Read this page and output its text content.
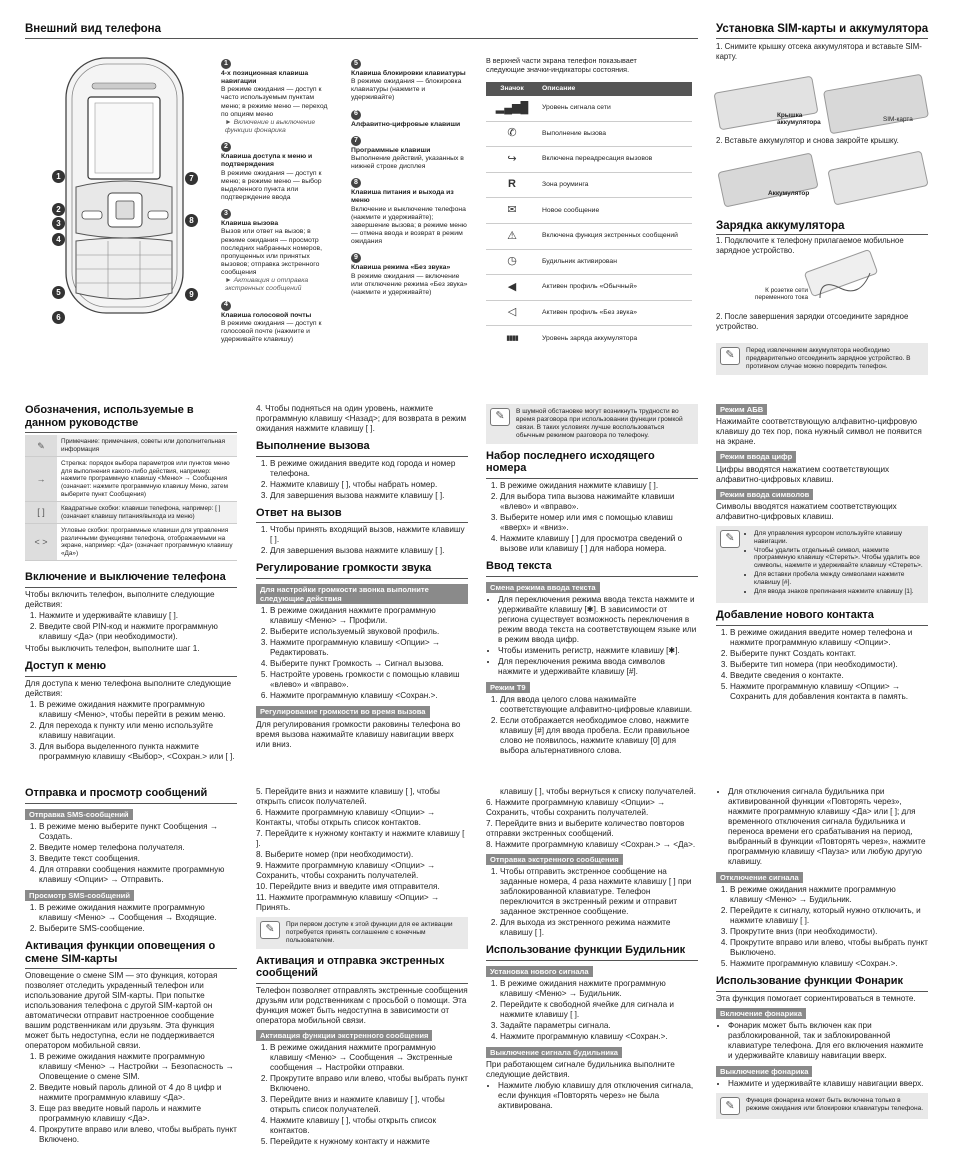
Внешний вид телефона
1
2
3
4
5
6
7
8
9
1
4-х позиционная клавиша навигации
В режиме ожидания — доступ к часто используемым пунктам меню; в режиме меню — переход по опциям меню
► Включение и выключение функции фонарика
2
Клавиша доступа к меню и подтверждения
В режиме ожидания — доступ к меню; в режиме меню — выбор выделенного пункта или подтверждение ввода
3
Клавиша вызова
Вызов или ответ на вызов; в режиме ожидания — просмотр последних набранных номеров, пропущенных или принятых вызовов; отправка экстренного сообщения
► Активация и отправка экстренных сообщений
4
Клавиша голосовой почты
В режиме ожидания — доступ к голосовой почте (нажмите и удерживайте клавишу)
5
Клавиша блокировки клавиатуры
В режиме ожидания — блокировка клавиатуры (нажмите и удерживайте)
6
Алфавитно-цифровые клавиши
7
Программные клавиши
Выполнение действий, указанных в нижней строке дисплея
8
Клавиша питания и выхода из меню
Включение и выключение телефона (нажмите и удерживайте); завершение вызова; в режиме меню — отмена ввода и возврат в режим ожидания
9
Клавиша режима «Без звука»
В режиме ожидания — включение или отключение режима «Без звука» (нажмите и удерживайте)
В верхней части экрана телефон показывает следующие значки-индикаторы состояния.
Значок	Описание
▂▄▆█	Уровень сигнала сети
✆	Выполнение вызова
↪	Включена переадресация вызовов
R	Зона роуминга
✉	Новое сообщение
⚠	Включена функция экстренных сообщений
◷	Будильник активирован
◀	Активен профиль «Обычный»
◁	Активен профиль «Без звука»
▮▮▮▮	Уровень заряда аккумулятора
Установка SIM-карты и аккумулятора
1. Снимите крышку отсека аккумулятора и вставьте SIM-карту.
Крышка аккумулятора	SIM-карта
2. Вставьте аккумулятор и снова закройте крышку.
Аккумулятор
Зарядка аккумулятора
1. Подключите к телефону прилагаемое мобильное зарядное устройство.
К розетке сети переменного тока
2. После завершения зарядки отсоедините зарядное устройство.
✎	Перед извлечением аккумулятора необходимо предварительно отсоединить зарядное устройство. В противном случае можно повредить телефон.
Обозначения, используемые в данном руководстве
✎	Примечание: примечания, советы или дополнительная информация
→
Стрелка: порядок выбора параметров или пунктов меню для выполнения какого-либо действия, например: нажмите программную клавишу <Меню> → Сообщения (означает: нажмите программную клавишу Меню, затем выберите пункт Сообщения)
[ ]	Квадратные скобки: клавиши телефона, например: [ ] (означает клавишу питания/выхода из меню)
< >
Угловые скобки: программные клавиши для управления различными функциями телефона, отображаемыми на экране, например: <Да> (означает программную клавишу «Да»)
Включение и выключение телефона

Чтобы включить телефон, выполните следующие действия:

1. Нажмите и удерживайте клавишу [ ].
2. Введите свой PIN-код и нажмите программную клавишу <Да> (при необходимости).

Чтобы выключить телефон, выполните шаг 1.

Доступ к меню

Для доступа к меню телефона выполните следующие действия:

1. В режиме ожидания нажмите программную клавишу <Меню>, чтобы перейти в режим меню.
2. Для перехода к пункту или меню используйте клавишу навигации.
3. Для выбора выделенного пункта нажмите программную клавишу <Выбор>, <Сохран.> или [ ].

4. Чтобы подняться на один уровень, нажмите программную клавишу <Назад>; для возврата в режим ожидания нажмите клавишу [ ].

Выполнение вызова
1. В режиме ожидания введите код города и номер телефона.
2. Нажмите клавишу [ ], чтобы набрать номер.
3. Для завершения вызова нажмите клавишу [ ].
Ответ на вызов
1. Чтобы принять входящий вызов, нажмите клавишу [ ].
2. Для завершения вызова нажмите клавишу [ ].
Регулирование громкости звука
Для настройки громкости звонка выполните следующие действия
1. В режиме ожидания нажмите программную клавишу <Меню> → Профили.
2. Выберите используемый звуковой профиль.
3. Нажмите программную клавишу <Опции> → Редактировать.
4. Выберите пункт Громкость → Сигнал вызова.
5. Настройте уровень громкости с помощью клавиш «влево» и «вправо».
6. Нажмите программную клавишу <Сохран.>.
Регулирование громкости во время вызова

Для регулирования громкости раковины телефона во время вызова нажимайте клавишу навигации вверх или вниз.

✎	В шумной обстановке могут возникнуть трудности во время разговора при использовании функции громкой связи. В таких условиях лучше воспользоваться обычным режимом разговора по телефону.
Набор последнего исходящего номера
1. В режиме ожидания нажмите клавишу [ ].
2. Для выбора типа вызова нажимайте клавиши «влево» и «вправо».
3. Выберите номер или имя с помощью клавиш «вверх» и «вниз».
4. Нажмите клавишу [ ] для просмотра сведений о вызове или клавишу [ ] для набора номера.
Ввод текста
Смена режима ввода текста
• Для переключения режима ввода текста нажмите и удерживайте клавишу [✱]. В зависимости от региона существует возможность переключения в режим ввода текста на соответствующем языке или в режим ввода цифр.
• Чтобы изменить регистр, нажмите клавишу [✱].
• Для переключения режима ввода символов нажмите и удерживайте клавишу [#].
Режим T9
1. Для ввода целого слова нажимайте соответствующие алфавитно-цифровые клавиши.
2. Если отображается необходимое слово, нажмите клавишу [#] для ввода пробела. Если правильное слово не появилось, нажмите клавишу [0] для выбора альтернативного слова.
Режим АБВ

Нажимайте соответствующую алфавитно-цифровую клавишу до тех пор, пока нужный символ не появится на экране.

Режим ввода цифр

Цифры вводятся нажатием соответствующих алфавитно-цифровых клавиш.

Режим ввода символов

Символы вводятся нажатием соответствующих алфавитно-цифровых клавиш.

✎
•	Для управления курсором используйте клавишу навигации.
• Чтобы удалить отдельный символ, нажмите программную клавишу <Стереть>. Чтобы удалить все символы, нажмите и удерживайте клавишу <Стереть>.
• Для вставки пробела между символами нажмите клавишу [#].
• Для ввода знаков препинания нажмите клавишу [1].
Добавление нового контакта
1. В режиме ожидания введите номер телефона и нажмите программную клавишу <Опции>.
2. Выберите пункт Создать контакт.
3. Выберите тип номера (при необходимости).
4. Введите сведения о контакте.
5. Нажмите программную клавишу <Опции> → Сохранить для добавления контакта в память.
Отправка и просмотр сообщений
Отправка SMS-сообщений
1. В режиме меню выберите пункт Сообщения → Создать.
2. Введите номер телефона получателя.
3. Введите текст сообщения.
4. Для отправки сообщения нажмите программную клавишу <Опции> → Отправить.
Просмотр SMS-сообщений
1. В режиме ожидания нажмите программную клавишу <Меню> → Сообщения → Входящие.
2. Выберите SMS-сообщение.
Активация функции оповещения о смене SIM-карты

Оповещение о смене SIM — это функция, которая позволяет отследить украденный телефон или использование другой SIM-карты. При попытке использования телефона с другой SIM-картой он автоматически отправит настроенное сообщение вашим родственникам или друзьям. Эта функция может быть недоступна, если не поддерживается оператором мобильной связи.

1. В режиме ожидания нажмите программную клавишу <Меню> → Настройки → Безопасность → Оповещение о смене SIM.
2. Введите новый пароль длиной от 4 до 8 цифр и нажмите программную клавишу <Да>.
3. Еще раз введите новый пароль и нажмите программную клавишу <Да>.
4. Прокрутите вправо или влево, чтобы выбрать пункт Включено.

5. Перейдите вниз и нажмите клавишу [ ], чтобы открыть список получателей.

6. Нажмите программную клавишу <Опции> → Контакты, чтобы открыть список контактов.

7. Перейдите к нужному контакту и нажмите клавишу [ ].

8. Выберите номер (при необходимости).

9. Нажмите программную клавишу <Опции> → Сохранить, чтобы сохранить получателей.

10. Перейдите вниз и введите имя отправителя.

11. Нажмите программную клавишу <Опции> → Принять.

✎	При первом доступе к этой функции для ее активации потребуется принять соглашение с конечным пользователем.
Активация и отправка экстренных сообщений

Телефон позволяет отправлять экстренные сообщения друзьям или родственникам с просьбой о помощи. Эта функция может быть недоступна в зависимости от оператора мобильной связи.

Активация функции экстренного сообщения
1. В режиме ожидания нажмите программную клавишу <Меню> → Сообщения → Экстренные сообщения → Настройки отправки.
2. Прокрутите вправо или влево, чтобы выбрать пункт Включено.
3. Перейдите вниз и нажмите клавишу [ ], чтобы открыть список получателей.
4. Нажмите клавишу [ ], чтобы открыть список контактов.
5. Перейдите к нужному контакту и нажмите

клавишу [ ], чтобы вернуться к списку получателей.

6. Нажмите программную клавишу <Опции> → Сохранить, чтобы сохранить получателей.

7. Перейдите вниз и выберите количество повторов отправки экстренных сообщений.

8. Нажмите программную клавишу <Сохран.> → <Да>.

Отправка экстренного сообщения
1. Чтобы отправить экстренное сообщение на заданные номера, 4 раза нажмите клавишу [ ] при заблокированной клавиатуре. Телефон переключится в экстренный режим и отправит заданное экстренное сообщение.
2. Для выхода из экстренного режима нажмите клавишу [ ].
Использование функции Будильник
Установка нового сигнала
1. В режиме ожидания нажмите программную клавишу <Меню> → Будильник.
2. Перейдите к свободной ячейке для сигнала и нажмите клавишу [ ].
3. Задайте параметры сигнала.
4. Нажмите программную клавишу <Сохран.>.
Выключение сигнала будильника

При работающем сигнале будильника выполните следующие действия.

• Нажмите любую клавишу для отключения сигнала, если функция «Повторять через» не была активирована.
• Для отключения сигнала будильника при активированной функции «Повторять через», нажмите программную клавишу <Да> или [ ]; для временного отключения сигнала будильника и переноса времени его срабатывания на период, выбранный в функции «Повторять через», нажмите программную клавишу <Пауза> или любую другую клавишу.
Отключение сигнала
1. В режиме ожидания нажмите программную клавишу <Меню> → Будильник.
2. Перейдите к сигналу, который нужно отключить, и нажмите клавишу [ ].
3. Прокрутите вниз (при необходимости).
4. Прокрутите вправо или влево, чтобы выбрать пункт Выключено.
5. Нажмите программную клавишу <Сохран.>.
Использование функции Фонарик

Эта функция помогает сориентироваться в темноте.

Включение фонарика
• Фонарик может быть включен как при разблокированной, так и заблокированной клавиатуре телефона. Для его включения нажмите и удерживайте клавишу навигации вверх.
Выключение фонарика
• Нажмите и удерживайте клавишу навигации вверх.
✎	Функция фонарика может быть включена только в режиме ожидания или блокировки клавиатуры телефона.
